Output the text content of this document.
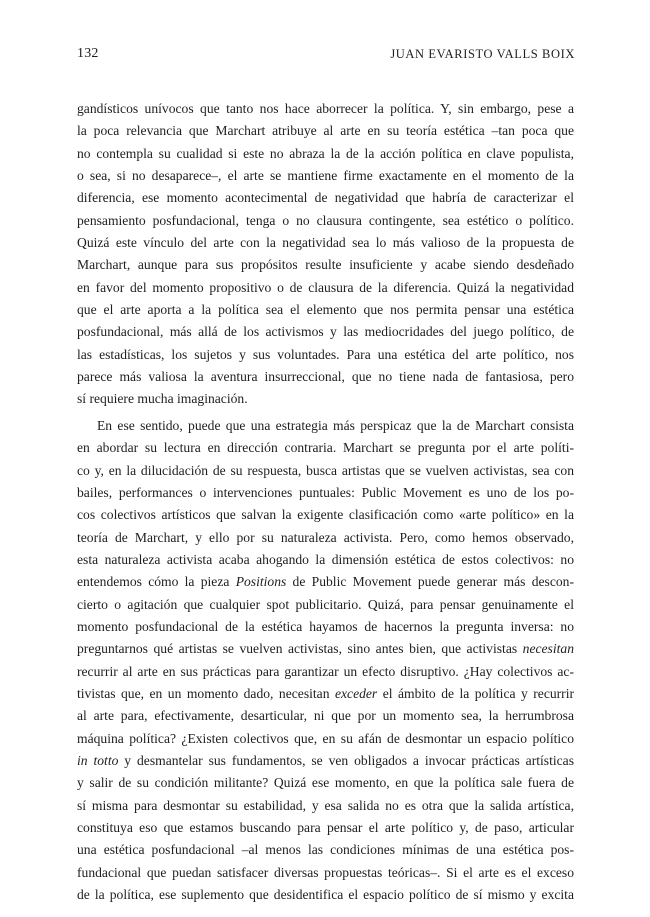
132	JUAN EVARISTO VALLS BOIX
gandísticos unívocos que tanto nos hace aborrecer la política. Y, sin embargo, pese a
la poca relevancia que Marchart atribuye al arte en su teoría estética –tan poca que
no contempla su cualidad si este no abraza la de la acción política en clave populista,
o sea, si no desaparece–, el arte se mantiene firme exactamente en el momento de la
diferencia, ese momento acontecimental de negatividad que habría de caracterizar el
pensamiento posfundacional, tenga o no clausura contingente, sea estético o político.
Quizá este vínculo del arte con la negatividad sea lo más valioso de la propuesta de
Marchart, aunque para sus propósitos resulte insuficiente y acabe siendo desdeñado
en favor del momento propositivo o de clausura de la diferencia. Quizá la negatividad
que el arte aporta a la política sea el elemento que nos permita pensar una estética
posfundacional, más allá de los activismos y las mediocridades del juego político, de
las estadísticas, los sujetos y sus voluntades. Para una estética del arte político, nos
parece más valiosa la aventura insurreccional, que no tiene nada de fantasiosa, pero
sí requiere mucha imaginación.
En ese sentido, puede que una estrategia más perspicaz que la de Marchart consista
en abordar su lectura en dirección contraria. Marchart se pregunta por el arte políti-
co y, en la dilucidación de su respuesta, busca artistas que se vuelven activistas, sea con
bailes, performances o intervenciones puntuales: Public Movement es uno de los po-
cos colectivos artísticos que salvan la exigente clasificación como «arte político» en la
teoría de Marchart, y ello por su naturaleza activista. Pero, como hemos observado,
esta naturaleza activista acaba ahogando la dimensión estética de estos colectivos: no
entendemos cómo la pieza Positions de Public Movement puede generar más descon-
cierto o agitación que cualquier spot publicitario. Quizá, para pensar genuinamente el
momento posfundacional de la estética hayamos de hacernos la pregunta inversa: no
preguntarnos qué artistas se vuelven activistas, sino antes bien, que activistas necesitan
recurrir al arte en sus prácticas para garantizar un efecto disruptivo. ¿Hay colectivos ac-
tivistas que, en un momento dado, necesitan exceder el ámbito de la política y recurrir
al arte para, efectivamente, desarticular, ni que por un momento sea, la herrumbrosa
máquina política? ¿Existen colectivos que, en su afán de desmontar un espacio político
in totto y desmantelar sus fundamentos, se ven obligados a invocar prácticas artísticas
y salir de su condición militante? Quizá ese momento, en que la política sale fuera de
sí misma para desmontar su estabilidad, y esa salida no es otra que la salida artística,
constituya eso que estamos buscando para pensar el arte político y, de paso, articular
una estética posfundacional –al menos las condiciones mínimas de una estética pos-
fundacional que puedan satisfacer diversas propuestas teóricas–. Si el arte es el exceso
de la política, ese suplemento que desidentifica el espacio político de sí mismo y excita
